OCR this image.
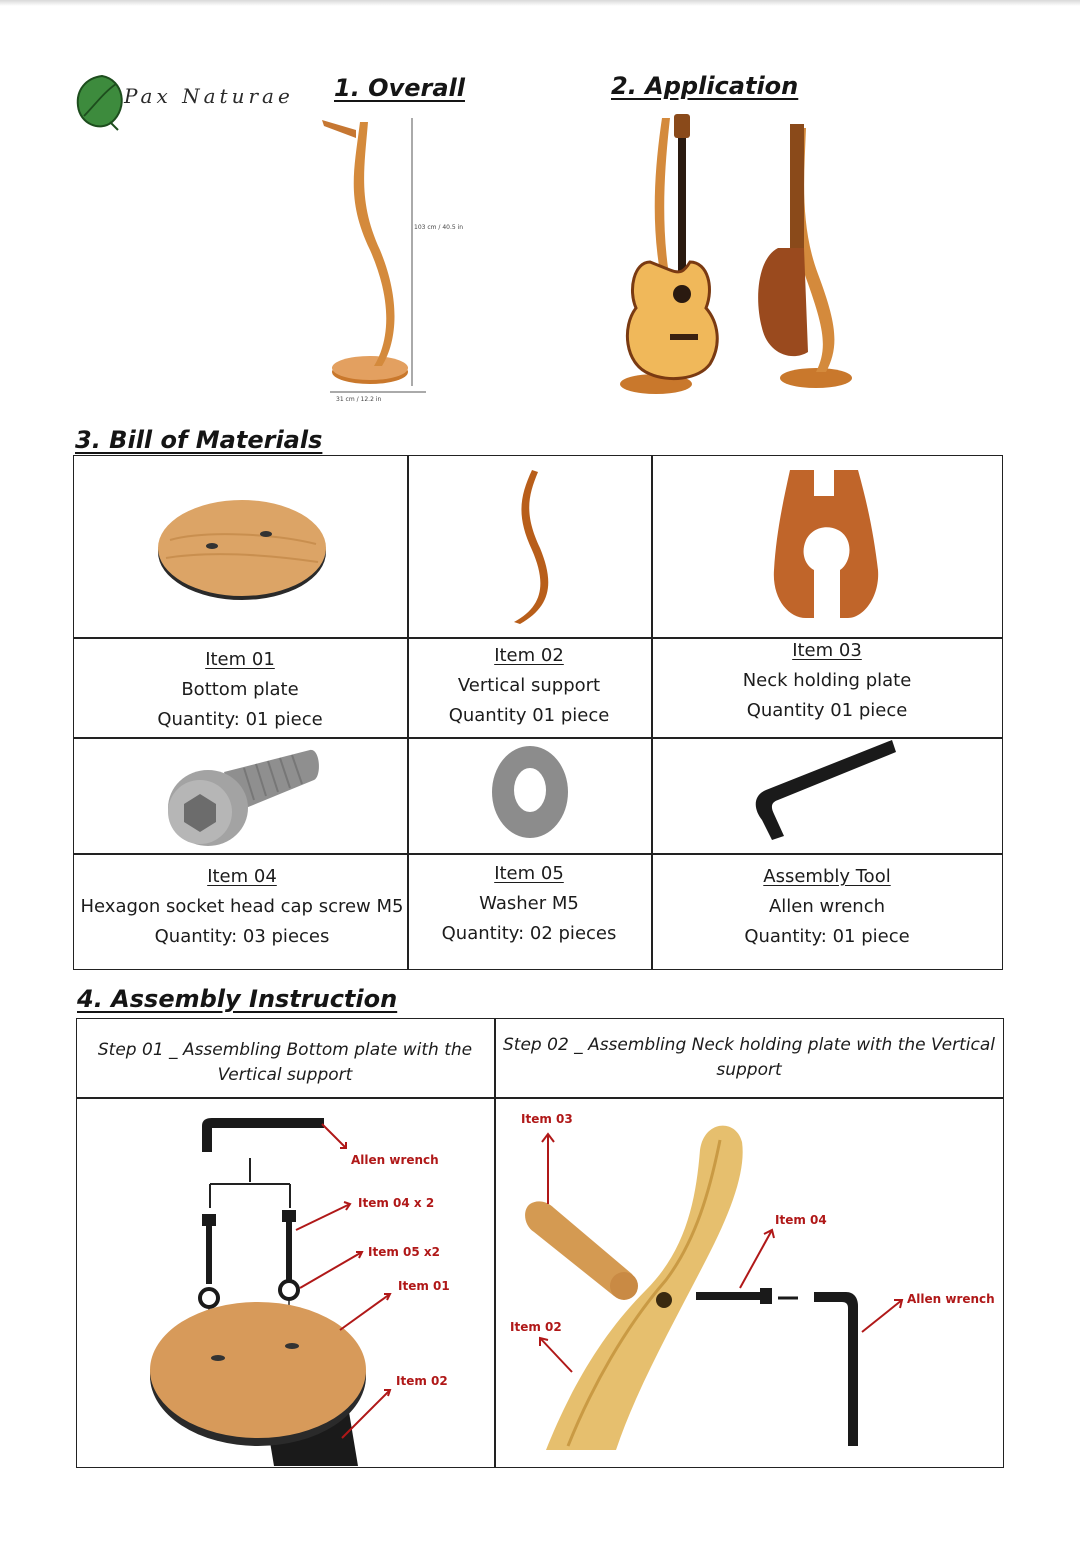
Pax Naturae 1. Overall	2. Application
103 cm / 40.5 in
31 cm / 12.2 in
3. Bill of Materials
Item 01
Bottom plate
Quantity: 01 piece
Item 02
Vertical support
Quantity 01 piece
Item 03
Neck holding plate
Quantity 01 piece
Item 04
Hexagon socket head cap screw M5
Quantity: 03 pieces
Item 05
Washer M5
Quantity: 02 pieces
Assembly Tool
Allen wrench
Quantity: 01 piece
4. Assembly Instruction
Step 01 _ Assembling Bottom plate with the
Vertical support
Step 02 _ Assembling Neck holding plate with the Vertical
support
Allen wrench
Item 04 x 2
Item 05 x2
Item 01
Item 02
Item 03
Item 04
Item 02
Allen wrench
